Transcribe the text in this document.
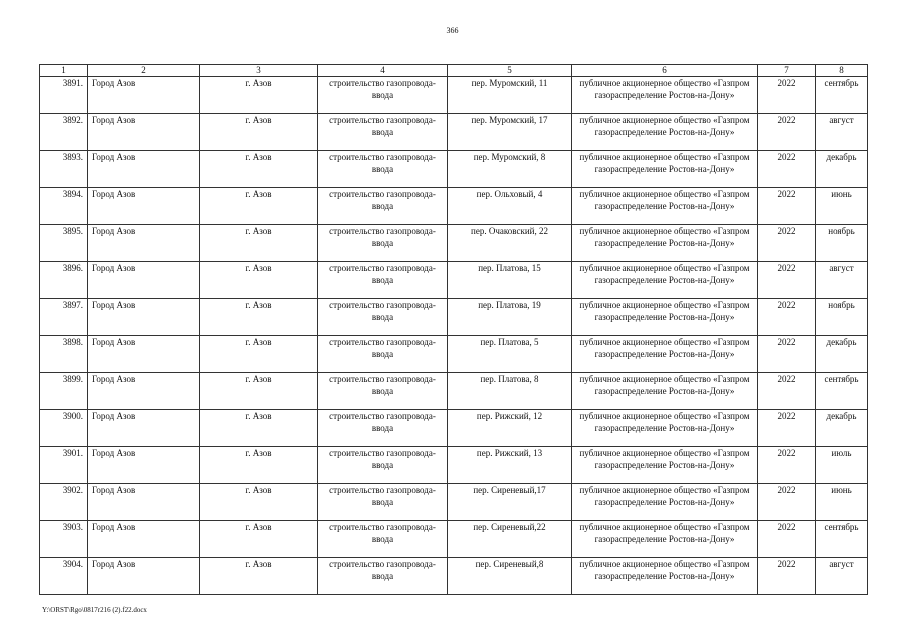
366
1	2	3	4	5	6	7	8
3891.	Город Азов	г. Азов	строительство газопровода-ввода	пер. Муромский, 11	публичное акционерное общество «Газпром газораспределение Ростов-на-Дону»	2022	сентябрь
3892.	Город Азов	г. Азов	строительство газопровода-ввода	пер. Муромский, 17	публичное акционерное общество «Газпром газораспределение Ростов-на-Дону»	2022	август
3893.	Город Азов	г. Азов	строительство газопровода-ввода	пер. Муромский, 8	публичное акционерное общество «Газпром газораспределение Ростов-на-Дону»	2022	декабрь
3894.	Город Азов	г. Азов	строительство газопровода-ввода	пер. Ольховый, 4	публичное акционерное общество «Газпром газораспределение Ростов-на-Дону»	2022	июнь
3895.	Город Азов	г. Азов	строительство газопровода-ввода	пер. Очаковский, 22	публичное акционерное общество «Газпром газораспределение Ростов-на-Дону»	2022	ноябрь
3896.	Город Азов	г. Азов	строительство газопровода-ввода	пер. Платова, 15	публичное акционерное общество «Газпром газораспределение Ростов-на-Дону»	2022	август
3897.	Город Азов	г. Азов	строительство газопровода-ввода	пер. Платова, 19	публичное акционерное общество «Газпром газораспределение Ростов-на-Дону»	2022	ноябрь
3898.	Город Азов	г. Азов	строительство газопровода-ввода	пер. Платова, 5	публичное акционерное общество «Газпром газораспределение Ростов-на-Дону»	2022	декабрь
3899.	Город Азов	г. Азов	строительство газопровода-ввода	пер. Платова, 8	публичное акционерное общество «Газпром газораспределение Ростов-на-Дону»	2022	сентябрь
3900.	Город Азов	г. Азов	строительство газопровода-ввода	пер. Рижский, 12	публичное акционерное общество «Газпром газораспределение Ростов-на-Дону»	2022	декабрь
3901.	Город Азов	г. Азов	строительство газопровода-ввода	пер. Рижский, 13	публичное акционерное общество «Газпром газораспределение Ростов-на-Дону»	2022	июль
3902.	Город Азов	г. Азов	строительство газопровода-ввода	пер. Сиреневый,17	публичное акционерное общество «Газпром газораспределение Ростов-на-Дону»	2022	июнь
3903.	Город Азов	г. Азов	строительство газопровода-ввода	пер. Сиреневый,22	публичное акционерное общество «Газпром газораспределение Ростов-на-Дону»	2022	сентябрь
3904.	Город Азов	г. Азов	строительство газопровода-ввода	пер. Сиреневый,8	публичное акционерное общество «Газпром газораспределение Ростов-на-Дону»	2022	август
Y:\ORST\Rgo\0817r216 (2).f22.docx
